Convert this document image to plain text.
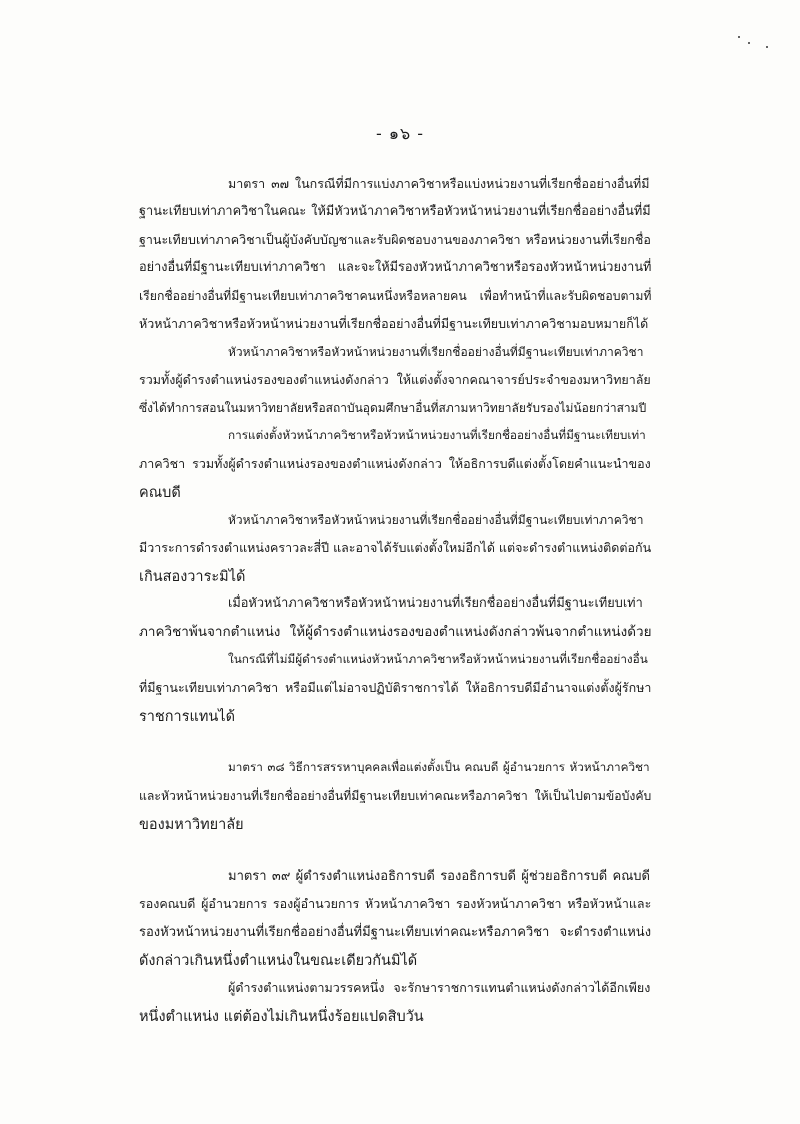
- ๑๖ -
มาตรา ๓๗ ในกรณีที่มีการแบ่งภาควิชาหรือแบ่งหน่วยงานที่เรียกชื่ออย่างอื่นที่มี
ฐานะเทียบเท่าภาควิชาในคณะ ให้มีหัวหน้าภาควิชาหรือหัวหน้าหน่วยงานที่เรียกชื่ออย่างอื่นที่มี
ฐานะเทียบเท่าภาควิชาเป็นผู้บังคับบัญชาและรับผิดชอบงานของภาควิชา หรือหน่วยงานที่เรียกชื่อ
อย่างอื่นที่มีฐานะเทียบเท่าภาควิชา และจะให้มีรองหัวหน้าภาควิชาหรือรองหัวหน้าหน่วยงานที่
เรียกชื่ออย่างอื่นที่มีฐานะเทียบเท่าภาควิชาคนหนึ่งหรือหลายคน เพื่อทำหน้าที่และรับผิดชอบตามที่
หัวหน้าภาควิชาหรือหัวหน้าหน่วยงานที่เรียกชื่ออย่างอื่นที่มีฐานะเทียบเท่าภาควิชามอบหมายก็ได้
หัวหน้าภาควิชาหรือหัวหน้าหน่วยงานที่เรียกชื่ออย่างอื่นที่มีฐานะเทียบเท่าภาควิชา
รวมทั้งผู้ดำรงตำแหน่งรองของตำแหน่งดังกล่าว ให้แต่งตั้งจากคณาจารย์ประจำของมหาวิทยาลัย
ซึ่งได้ทำการสอนในมหาวิทยาลัยหรือสถาบันอุดมศึกษาอื่นที่สภามหาวิทยาลัยรับรองไม่น้อยกว่าสามปี
การแต่งตั้งหัวหน้าภาควิชาหรือหัวหน้าหน่วยงานที่เรียกชื่ออย่างอื่นที่มีฐานะเทียบเท่า
ภาควิชา รวมทั้งผู้ดำรงตำแหน่งรองของตำแหน่งดังกล่าว ให้อธิการบดีแต่งตั้งโดยคำแนะนำของ
คณบดี
หัวหน้าภาควิชาหรือหัวหน้าหน่วยงานที่เรียกชื่ออย่างอื่นที่มีฐานะเทียบเท่าภาควิชา
มีวาระการดำรงตำแหน่งคราวละสี่ปี และอาจได้รับแต่งตั้งใหม่อีกได้ แต่จะดำรงตำแหน่งติดต่อกัน
เกินสองวาระมิได้
เมื่อหัวหน้าภาควิชาหรือหัวหน้าหน่วยงานที่เรียกชื่ออย่างอื่นที่มีฐานะเทียบเท่า
ภาควิชาพ้นจากตำแหน่ง ให้ผู้ดำรงตำแหน่งรองของตำแหน่งดังกล่าวพ้นจากตำแหน่งด้วย
ในกรณีที่ไม่มีผู้ดำรงตำแหน่งหัวหน้าภาควิชาหรือหัวหน้าหน่วยงานที่เรียกชื่ออย่างอื่น
ที่มีฐานะเทียบเท่าภาควิชา หรือมีแต่ไม่อาจปฏิบัติราชการได้ ให้อธิการบดีมีอำนาจแต่งตั้งผู้รักษา
ราชการแทนได้
มาตรา ๓๘ วิธีการสรรหาบุคคลเพื่อแต่งตั้งเป็น คณบดี ผู้อำนวยการ หัวหน้าภาควิชา
และหัวหน้าหน่วยงานที่เรียกชื่ออย่างอื่นที่มีฐานะเทียบเท่าคณะหรือภาควิชา ให้เป็นไปตามข้อบังคับ
ของมหาวิทยาลัย
มาตรา ๓๙ ผู้ดำรงตำแหน่งอธิการบดี รองอธิการบดี ผู้ช่วยอธิการบดี คณบดี
รองคณบดี ผู้อำนวยการ รองผู้อำนวยการ หัวหน้าภาควิชา รองหัวหน้าภาควิชา หรือหัวหน้าและ
รองหัวหน้าหน่วยงานที่เรียกชื่ออย่างอื่นที่มีฐานะเทียบเท่าคณะหรือภาควิชา จะดำรงตำแหน่ง
ดังกล่าวเกินหนึ่งตำแหน่งในขณะเดียวกันมิได้
ผู้ดำรงตำแหน่งตามวรรคหนึ่ง จะรักษาราชการแทนตำแหน่งดังกล่าวได้อีกเพียง
หนึ่งตำแหน่ง แต่ต้องไม่เกินหนึ่งร้อยแปดสิบวัน
